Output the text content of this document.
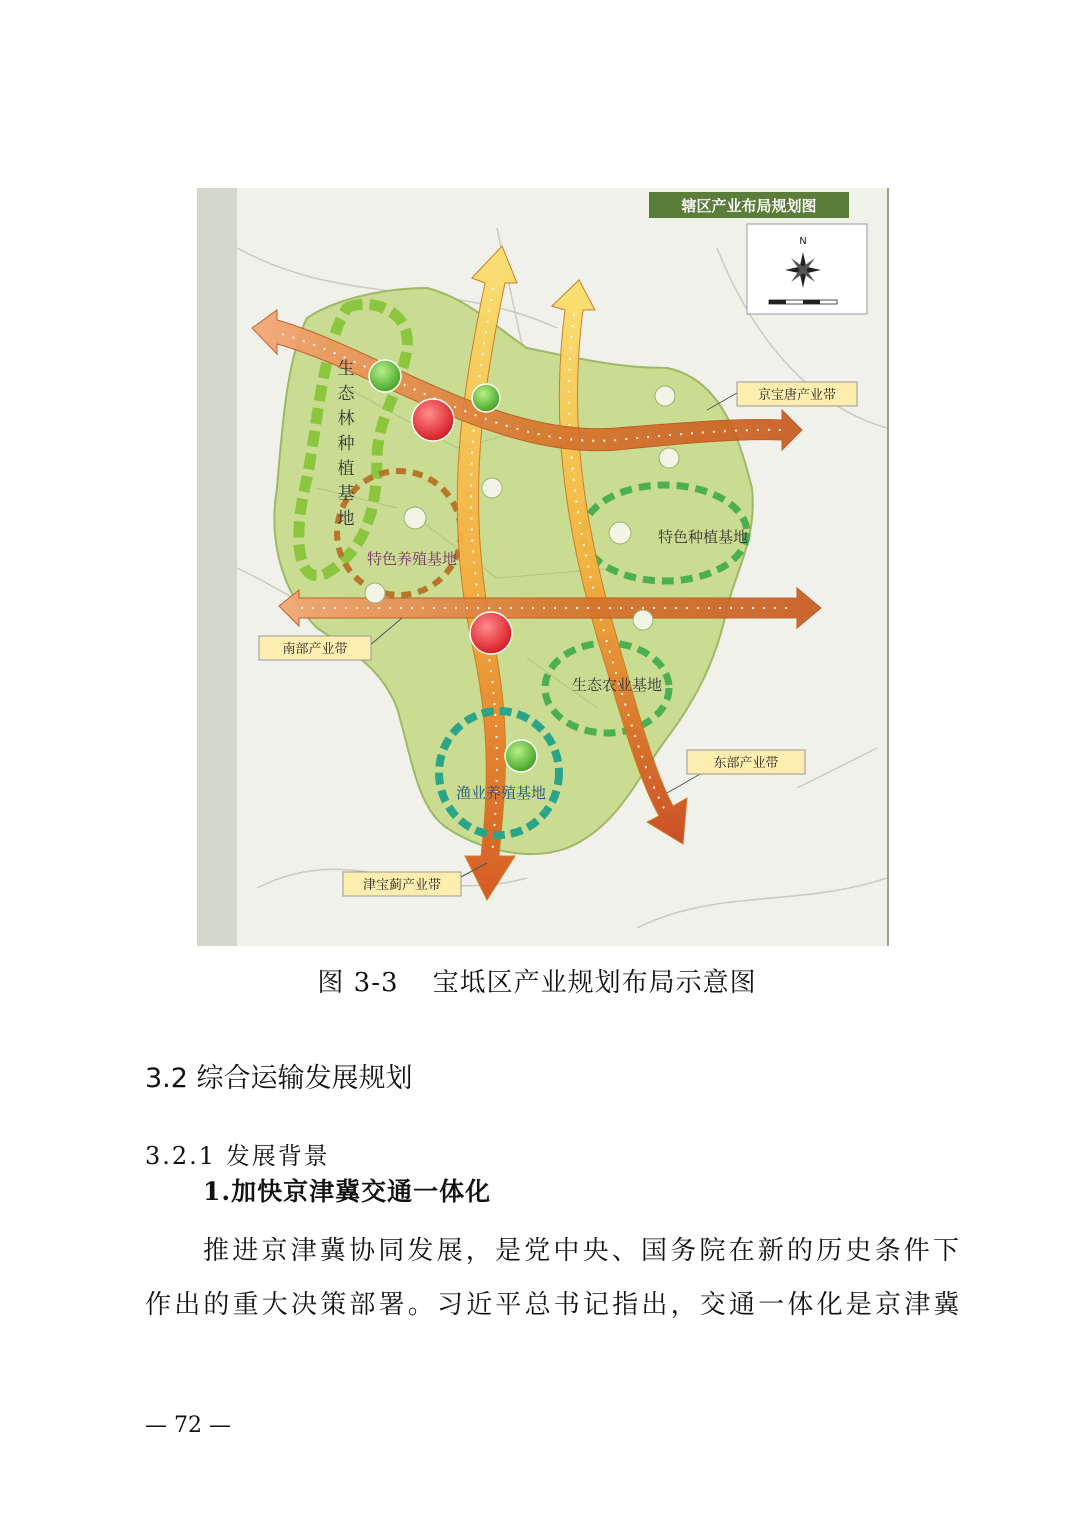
辖区产业布局规划图
N
生
态
林
种
植
基
地
特色养殖基地
特色种植基地
生态农业基地
渔业养殖基地
京宝唐产业带
南部产业带
东部产业带
津宝蓟产业带
图 3-3 宝坻区产业规划布局示意图
3.2 综合运输发展规划
3.2.1 发展背景
1.加快京津冀交通一体化
推进京津冀协同发展，是党中央、国务院在新的历史条件下
作出的重大决策部署。习近平总书记指出，交通一体化是京津冀
— 72 —
